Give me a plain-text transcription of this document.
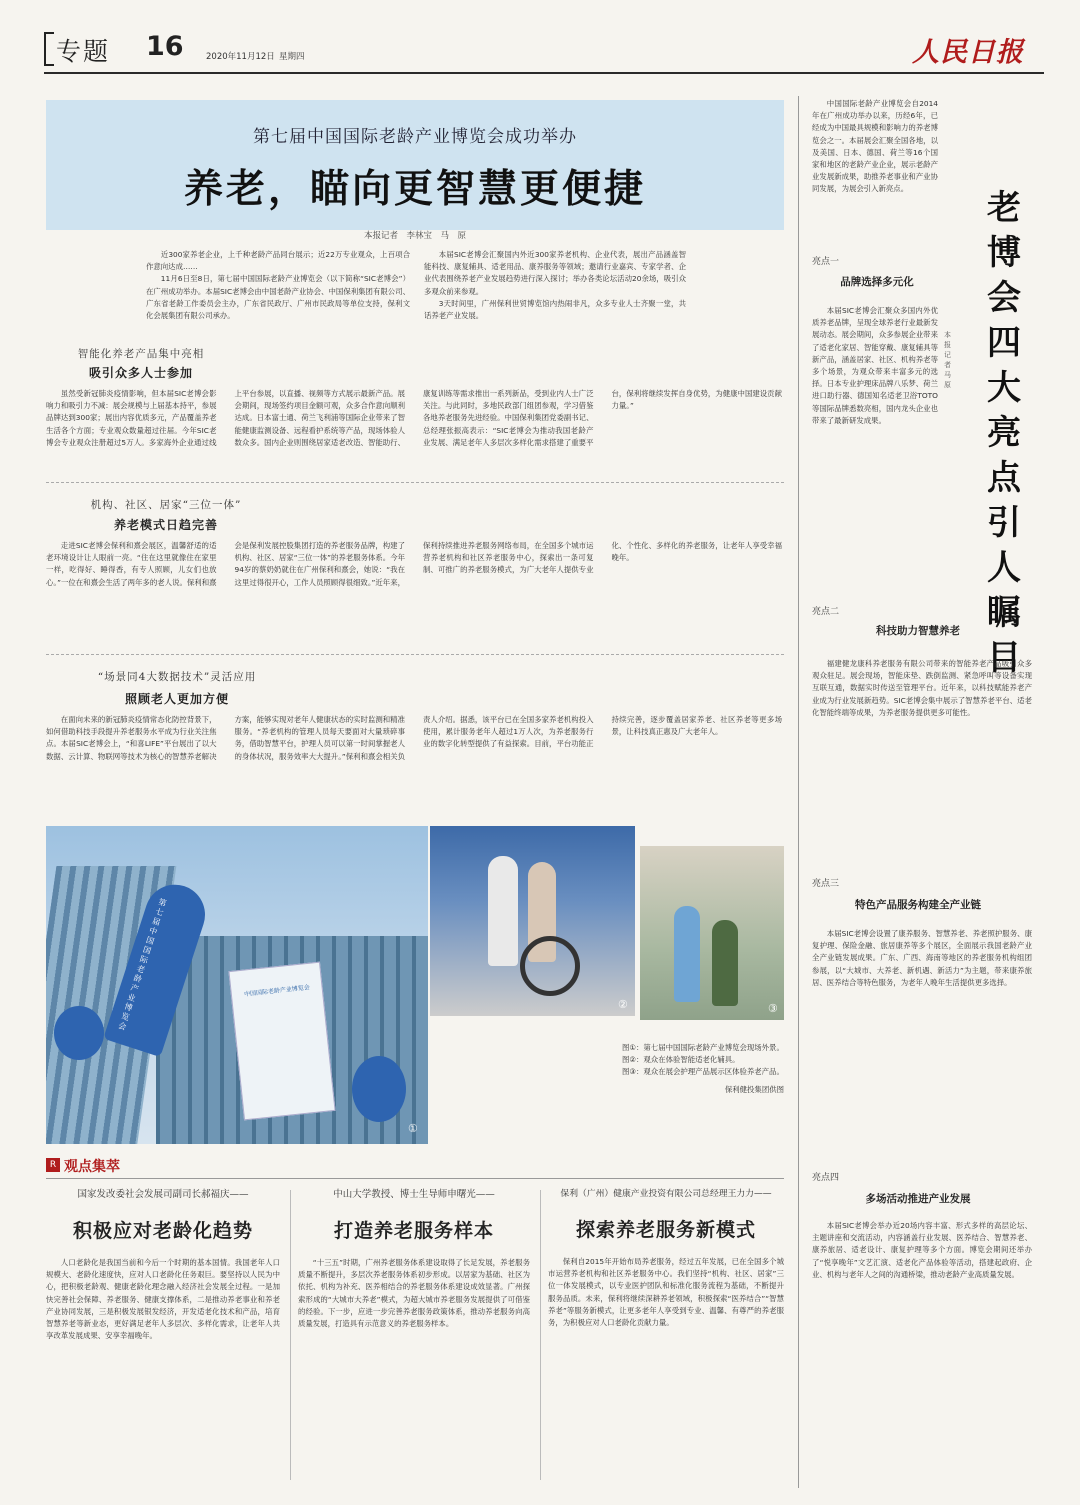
专题 16	2020年11月12日 星期四	人民日报
第七届中国国际老龄产业博览会成功举办
养老，瞄向更智慧更便捷
本报记者　李林宝　马　原

近300家养老企业，上千种老龄产品同台展示；近22万专业观众，上百项合作意向达成……

11月6日至8日，第七届中国国际老龄产业博览会（以下简称“SIC老博会”）在广州成功举办。本届SIC老博会由中国老龄产业协会、中国保利集团有限公司、广东省老龄工作委员会主办，广东省民政厅、广州市民政局等单位支持，保利文化会展集团有限公司承办。

本届SIC老博会汇聚国内外近300家养老机构、企业代表，展出产品涵盖智能科技、康复辅具、适老用品、康养服务等领域；邀请行业嘉宾、专家学者、企业代表围绕养老产业发展趋势进行深入探讨；举办各类论坛活动20余场，吸引众多观众前来参观。

3天时间里，广州保利世贸博览馆内热闹非凡，众多专业人士齐聚一堂，共话养老产业发展。

智能化养老产品集中亮相
吸引众多人士参加
虽然受新冠肺炎疫情影响，但本届SIC老博会影响力和吸引力不减：展会规模与上届基本持平，参展品牌达到300家；展出内容优质多元，产品覆盖养老生活各个方面；专业观众数量超过往届。今年SIC老博会专业观众注册超过5万人。多家海外企业通过线上平台参展，以直播、视频等方式展示最新产品。展会期间，现场签约项目金额可观，众多合作意向顺利达成。日本富士通、荷兰飞利浦等国际企业带来了智能健康监测设备、远程看护系统等产品，现场体验人数众多。国内企业则围绕居家适老改造、智能助行、康复训练等需求推出一系列新品，受到业内人士广泛关注。与此同时，多地民政部门组团参观，学习借鉴各地养老服务先进经验。中国保利集团党委副书记、总经理张振高表示：“SIC老博会为推动我国老龄产业发展、满足老年人多层次多样化需求搭建了重要平台，保利将继续发挥自身优势，为健康中国建设贡献力量。”
机构、社区、居家“三位一体”
养老模式日趋完善
走进SIC老博会保利和熹会展区，温馨舒适的适老环境设计让人眼前一亮。“住在这里就像住在家里一样，吃得好、睡得香，有专人照顾，儿女们也放心。”一位在和熹会生活了两年多的老人说。保利和熹会是保利发展控股集团打造的养老服务品牌，构建了机构、社区、居家“三位一体”的养老服务体系。今年94岁的蔡奶奶就住在广州保利和熹会，她说：“我在这里过得很开心，工作人员照顾得很细致。”近年来，保利持续推进养老服务网络布局，在全国多个城市运营养老机构和社区养老服务中心，探索出一条可复制、可推广的养老服务模式，为广大老年人提供专业化、个性化、多样化的养老服务，让老年人享受幸福晚年。
“场景同4大数据技术”灵活应用
照顾老人更加方便
在面向未来的新冠肺炎疫情常态化防控背景下，如何借助科技手段提升养老服务水平成为行业关注焦点。本届SIC老博会上，“和喜LIFE”平台展出了以大数据、云计算、物联网等技术为核心的智慧养老解决方案，能够实现对老年人健康状态的实时监测和精准服务。“养老机构的管理人员每天要面对大量琐碎事务，借助智慧平台，护理人员可以第一时间掌握老人的身体状况，服务效率大大提升。”保利和熹会相关负责人介绍。据悉，该平台已在全国多家养老机构投入使用，累计服务老年人超过1万人次，为养老服务行业的数字化转型提供了有益探索。目前，平台功能正持续完善，逐步覆盖居家养老、社区养老等更多场景，让科技真正惠及广大老年人。
中国国际老龄产业博览会
第七届中国国际老龄产业博览会
①
②	③
图①：第七届中国国际老龄产业博览会现场外景。
图②：观众在体验智能适老化辅具。
图③：观众在展会护理产品展示区体验养老产品。
保利健投集团供图
R 观点集萃
国家发改委社会发展司副司长郝福庆——
积极应对老龄化趋势
人口老龄化是我国当前和今后一个时期的基本国情。我国老年人口规模大、老龄化速度快，应对人口老龄化任务艰巨。要坚持以人民为中心，把积极老龄观、健康老龄化理念融入经济社会发展全过程。一是加快完善社会保障、养老服务、健康支撑体系，二是推动养老事业和养老产业协同发展，三是积极发展银发经济，开发适老化技术和产品，培育智慧养老等新业态，更好满足老年人多层次、多样化需求，让老年人共享改革发展成果、安享幸福晚年。
中山大学教授、博士生导师申曙光——
打造养老服务样本
“十三五”时期，广州养老服务体系建设取得了长足发展，养老服务质量不断提升，多层次养老服务体系初步形成。以居家为基础、社区为依托、机构为补充、医养相结合的养老服务体系建设成效显著。广州探索形成的“大城市大养老”模式，为超大城市养老服务发展提供了可借鉴的经验。下一步，应进一步完善养老服务政策体系，推动养老服务向高质量发展，打造具有示范意义的养老服务样本。
保利（广州）健康产业投资有限公司总经理王力力——
探索养老服务新模式
保利自2015年开始布局养老服务，经过五年发展，已在全国多个城市运营养老机构和社区养老服务中心。我们坚持“机构、社区、居家”三位一体发展模式，以专业医护团队和标准化服务流程为基础，不断提升服务品质。未来，保利将继续深耕养老领域，积极探索“医养结合”“智慧养老”等服务新模式，让更多老年人享受到专业、温馨、有尊严的养老服务，为积极应对人口老龄化贡献力量。
中国国际老龄产业博览会自2014年在广州成功举办以来，历经6年，已经成为中国最具规模和影响力的养老博览会之一。本届展会汇聚全国各地，以及美国、日本、德国、荷兰等16个国家和地区的老龄产业企业，展示老龄产业发展新成果，助推养老事业和产业协同发展，为展会引入新亮点。	老博会四大亮点引人瞩目
本报记者　马　原
亮点一
品牌选择多元化
本届SIC老博会汇聚众多国内外优质养老品牌，呈现全球养老行业最新发展动态。展会期间，众多参展企业带来了适老化家居、智能穿戴、康复辅具等新产品，涵盖居家、社区、机构养老等多个场景，为观众带来丰富多元的选择。日本专业护理床品牌八乐梦、荷兰进口助行器、德国知名适老卫浴TOTO等国际品牌悉数亮相，国内龙头企业也带来了最新研发成果。
亮点二
科技助力智慧养老
福建健龙康科养老服务有限公司带来的智能养老产品吸引众多观众驻足。展会现场，智能床垫、跌倒监测、紧急呼叫等设备实现互联互通，数据实时传送至管理平台。近年来，以科技赋能养老产业成为行业发展新趋势。SIC老博会集中展示了智慧养老平台、适老化智能终端等成果，为养老服务提供更多可能性。
亮点三
特色产品服务构建全产业链
本届SIC老博会设置了康养服务、智慧养老、养老照护服务、康复护理、保险金融、旅居康养等多个展区，全面展示我国老龄产业全产业链发展成果。广东、广西、海南等地区的养老服务机构组团参展，以“大城市、大养老、新机遇、新活力”为主题，带来康养旅居、医养结合等特色服务，为老年人晚年生活提供更多选择。
亮点四
多场活动推进产业发展
本届SIC老博会举办近20场内容丰富、形式多样的高层论坛、主题讲座和交流活动，内容涵盖行业发展、医养结合、智慧养老、康养旅居、适老设计、康复护理等多个方面。博览会期间还举办了“悦享晚年”文艺汇演、适老化产品体验等活动，搭建起政府、企业、机构与老年人之间的沟通桥梁，推动老龄产业高质量发展。
